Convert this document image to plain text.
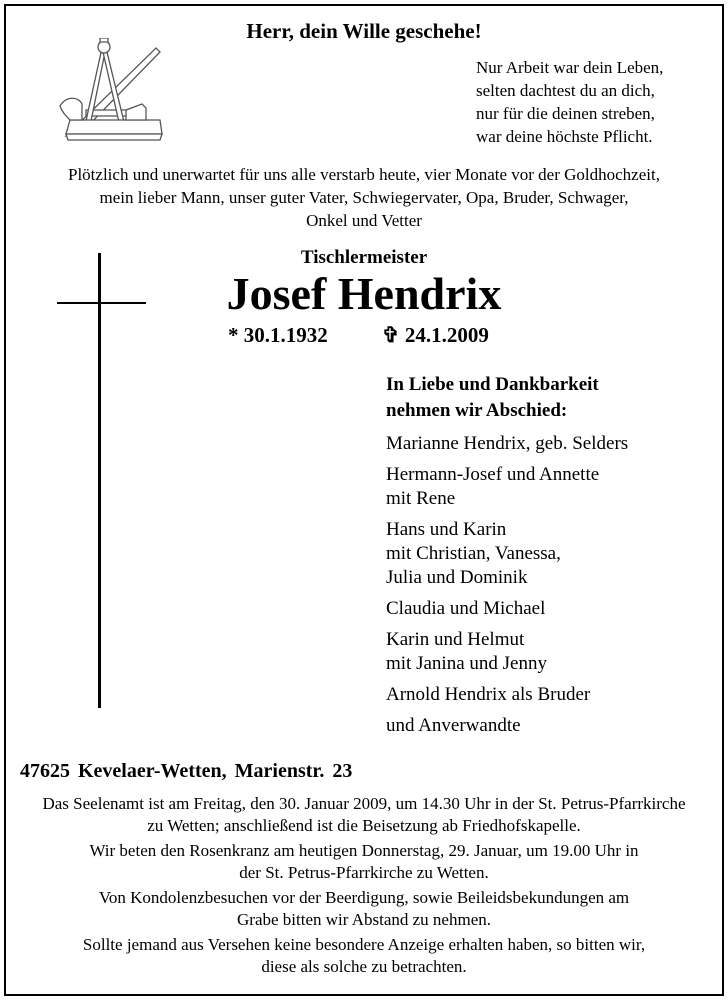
Herr, dein Wille geschehe!
Nur Arbeit war dein Leben,
selten dachtest du an dich,
nur für die deinen streben,
war deine höchste Pflicht.
Plötzlich und unerwartet für uns alle verstarb heute, vier Monate vor der Goldhochzeit,
mein lieber Mann, unser guter Vater, Schwiegervater, Opa, Bruder, Schwager,
Onkel und Vetter
Tischlermeister
Josef Hendrix
* 30.1.1932	✞ 24.1.2009
In Liebe und Dankbarkeit
nehmen wir Abschied:
Marianne Hendrix, geb. Selders
Hermann-Josef und Annette
mit Rene
Hans und Karin
mit Christian, Vanessa,
Julia und Dominik
Claudia und Michael
Karin und Helmut
mit Janina und Jenny
Arnold Hendrix als Bruder
und Anverwandte
47625 Kevelaer-Wetten, Marienstr. 23
Das Seelenamt ist am Freitag, den 30. Januar 2009, um 14.30 Uhr in der St. Petrus-Pfarrkirche
zu Wetten; anschließend ist die Beisetzung ab Friedhofskapelle.
Wir beten den Rosenkranz am heutigen Donnerstag, 29. Januar, um 19.00 Uhr in
der St. Petrus-Pfarrkirche zu Wetten.
Von Kondolenzbesuchen vor der Beerdigung, sowie Beileidsbekundungen am
Grabe bitten wir Abstand zu nehmen.
Sollte jemand aus Versehen keine besondere Anzeige erhalten haben, so bitten wir,
diese als solche zu betrachten.
